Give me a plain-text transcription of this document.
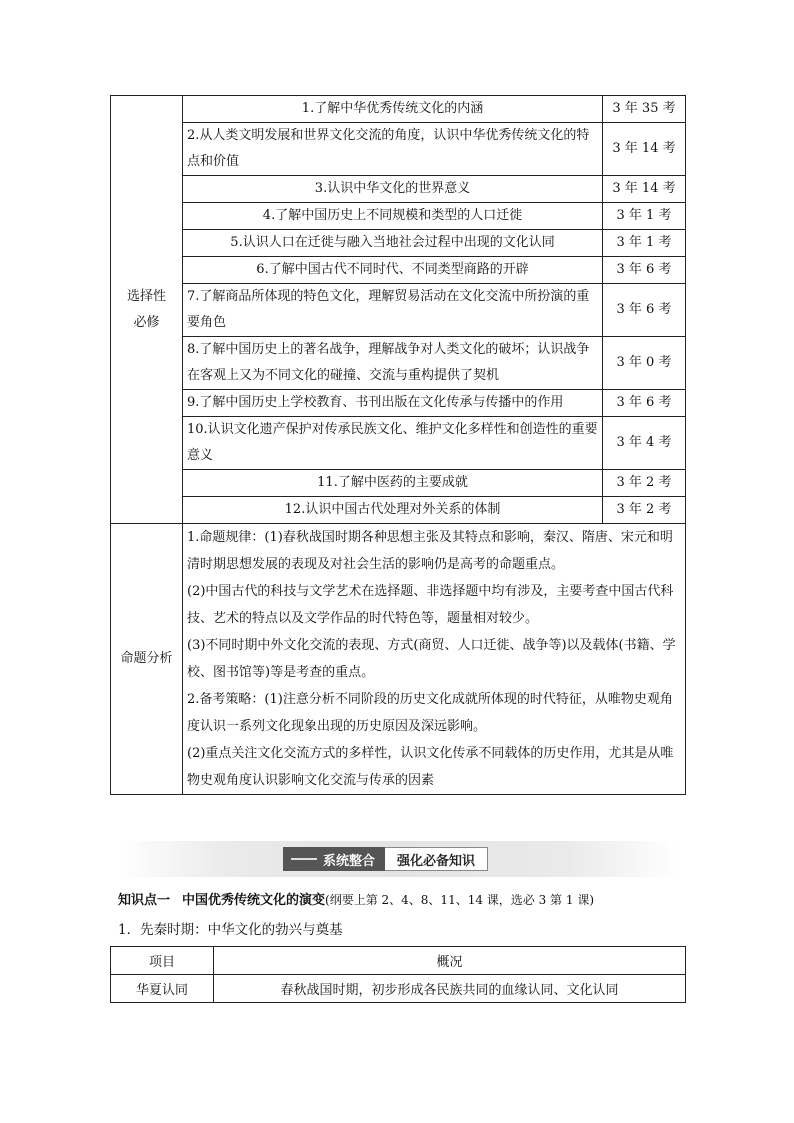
选择性必修	1.了解中华优秀传统文化的内涵	3 年 35 考
	2.从人类文明发展和世界文化交流的角度，认识中华优秀传统文化的特点和价值	3 年 14 考
	3.认识中华文化的世界意义	3 年 14 考
	4.了解中国历史上不同规模和类型的人口迁徙	3 年 1 考
	5.认识人口在迁徙与融入当地社会过程中出现的文化认同	3 年 1 考
	6.了解中国古代不同时代、不同类型商路的开辟	3 年 6 考
	7.了解商品所体现的特色文化，理解贸易活动在文化交流中所扮演的重要角色	3 年 6 考
	8.了解中国历史上的著名战争，理解战争对人类文化的破坏；认识战争在客观上又为不同文化的碰撞、交流与重构提供了契机	3 年 0 考
	9.了解中国历史上学校教育、书刊出版在文化传承与传播中的作用	3 年 6 考
	10.认识文化遗产保护对传承民族文化、维护文化多样性和创造性的重要意义	3 年 4 考
	11.了解中医药的主要成就	3 年 2 考
	12.认识中国古代处理对外关系的体制	3 年 2 考
命题分析	1.命题规律：(1)春秋战国时期各种思想主张及其特点和影响，秦汉、隋唐、宋元和明清时期思想发展的表现及对社会生活的影响仍是高考的命题重点。

(2)中国古代的科技与文学艺术在选择题、非选择题中均有涉及，主要考查中国古代科技、艺术的特点以及文学作品的时代特色等，题量相对较少。

(3)不同时期中外文化交流的表现、方式(商贸、人口迁徙、战争等)以及载体(书籍、学校、图书馆等)等是考查的重点。

2.备考策略：(1)注意分析不同阶段的历史文化成就所体现的时代特征，从唯物史观角度认识一系列文化现象出现的历史原因及深远影响。

(2)重点关注文化交流方式的多样性，认识文化传承不同载体的历史作用，尤其是从唯物史观角度认识影响文化交流与传承的因素	

系统整合	强化必备知识
知识点一 中国优秀传统文化的演变(纲要上第 2、4、8、11、14 课，选必 3 第 1 课)
1．先秦时期：中华文化的勃兴与奠基
项目	概况
华夏认同	春秋战国时期，初步形成各民族共同的血缘认同、文化认同
